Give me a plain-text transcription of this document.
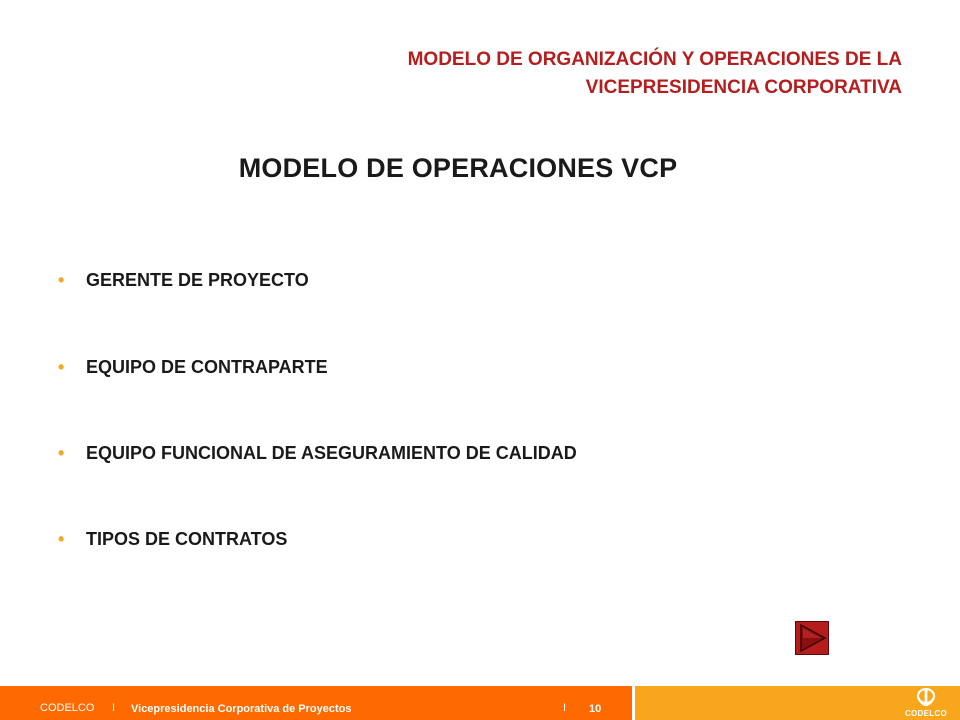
MODELO DE ORGANIZACIÓN Y OPERACIONES DE LA
VICEPRESIDENCIA CORPORATIVA
MODELO DE OPERACIONES VCP
• GERENTE DE PROYECTO
• EQUIPO DE CONTRAPARTE
• EQUIPO FUNCIONAL DE ASEGURAMIENTO DE CALIDAD
• TIPOS DE CONTRATOS
CODELCO I Vicepresidencia Corporativa de Proyectos	I 10	CODELCO
